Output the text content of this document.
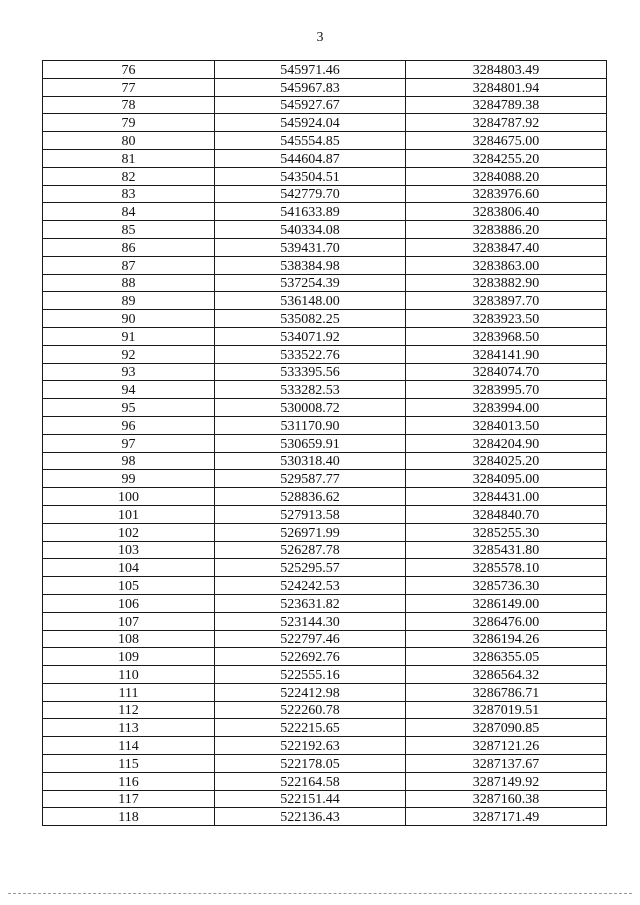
3
76	545971.46	3284803.49
77	545967.83	3284801.94
78	545927.67	3284789.38
79	545924.04	3284787.92
80	545554.85	3284675.00
81	544604.87	3284255.20
82	543504.51	3284088.20
83	542779.70	3283976.60
84	541633.89	3283806.40
85	540334.08	3283886.20
86	539431.70	3283847.40
87	538384.98	3283863.00
88	537254.39	3283882.90
89	536148.00	3283897.70
90	535082.25	3283923.50
91	534071.92	3283968.50
92	533522.76	3284141.90
93	533395.56	3284074.70
94	533282.53	3283995.70
95	530008.72	3283994.00
96	531170.90	3284013.50
97	530659.91	3284204.90
98	530318.40	3284025.20
99	529587.77	3284095.00
100	528836.62	3284431.00
101	527913.58	3284840.70
102	526971.99	3285255.30
103	526287.78	3285431.80
104	525295.57	3285578.10
105	524242.53	3285736.30
106	523631.82	3286149.00
107	523144.30	3286476.00
108	522797.46	3286194.26
109	522692.76	3286355.05
110	522555.16	3286564.32
111	522412.98	3286786.71
112	522260.78	3287019.51
113	522215.65	3287090.85
114	522192.63	3287121.26
115	522178.05	3287137.67
116	522164.58	3287149.92
117	522151.44	3287160.38
118	522136.43	3287171.49
